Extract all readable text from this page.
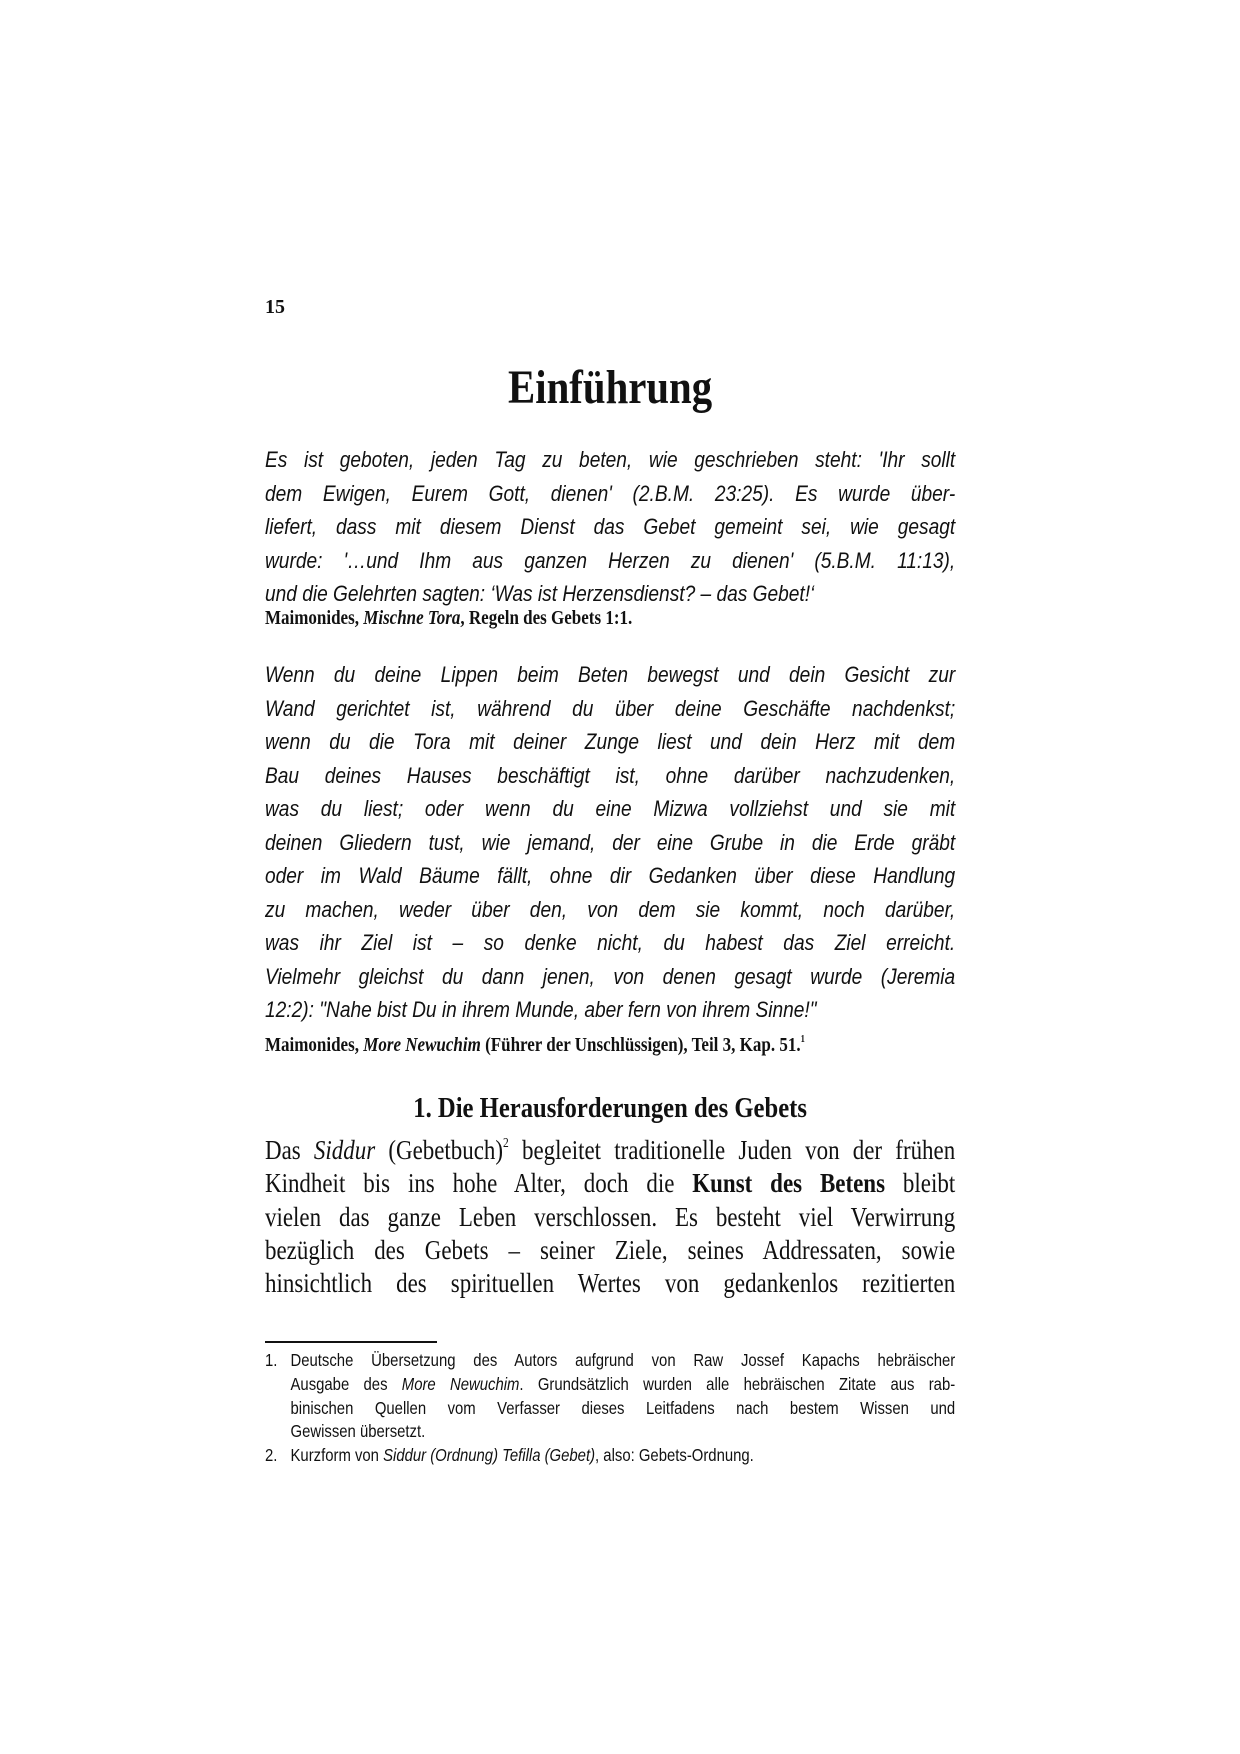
15
Einführung
Es ist geboten, jeden Tag zu beten, wie geschrieben steht: 'Ihr sollt
dem Ewigen, Eurem Gott, dienen' (2.B.M. 23:25). Es wurde über-
liefert, dass mit diesem Dienst das Gebet gemeint sei, wie gesagt
wurde: '…und Ihm aus ganzen Herzen zu dienen' (5.B.M. 11:13),
und die Gelehrten sagten: ‘Was ist Herzensdienst? – das Gebet!‘
Maimonides, Mischne Tora, Regeln des Gebets 1:1.
Wenn du deine Lippen beim Beten bewegst und dein Gesicht zur
Wand gerichtet ist, während du über deine Geschäfte nachdenkst;
wenn du die Tora mit deiner Zunge liest und dein Herz mit dem
Bau deines Hauses beschäftigt ist, ohne darüber nachzudenken,
was du liest; oder wenn du eine Mizwa vollziehst und sie mit
deinen Gliedern tust, wie jemand, der eine Grube in die Erde gräbt
oder im Wald Bäume fällt, ohne dir Gedanken über diese Handlung
zu machen, weder über den, von dem sie kommt, noch darüber,
was ihr Ziel ist – so denke nicht, du habest das Ziel erreicht.
Vielmehr gleichst du dann jenen, von denen gesagt wurde (Jeremia
12:2): "Nahe bist Du in ihrem Munde, aber fern von ihrem Sinne!"
Maimonides, More Newuchim (Führer der Unschlüssigen), Teil 3, Kap. 51.$^1$
1. Die Herausforderungen des Gebets
Das Siddur (Gebetbuch)$^2$ begleitet traditionelle Juden von der frühen
Kindheit bis ins hohe Alter, doch die Kunst des Betens bleibt
vielen das ganze Leben verschlossen. Es besteht viel Verwirrung
bezüglich des Gebets – seiner Ziele, seines Addressaten, sowie
hinsichtlich des spirituellen Wertes von gedankenlos rezitierten
1. Deutsche Übersetzung des Autors aufgrund von Raw Jossef Kapachs hebräischer
Ausgabe des More Newuchim. Grundsätzlich wurden alle hebräischen Zitate aus rab-
binischen Quellen vom Verfasser dieses Leitfadens nach bestem Wissen und
Gewissen übersetzt.
2. Kurzform von Siddur (Ordnung) Tefilla (Gebet), also: Gebets-Ordnung.
